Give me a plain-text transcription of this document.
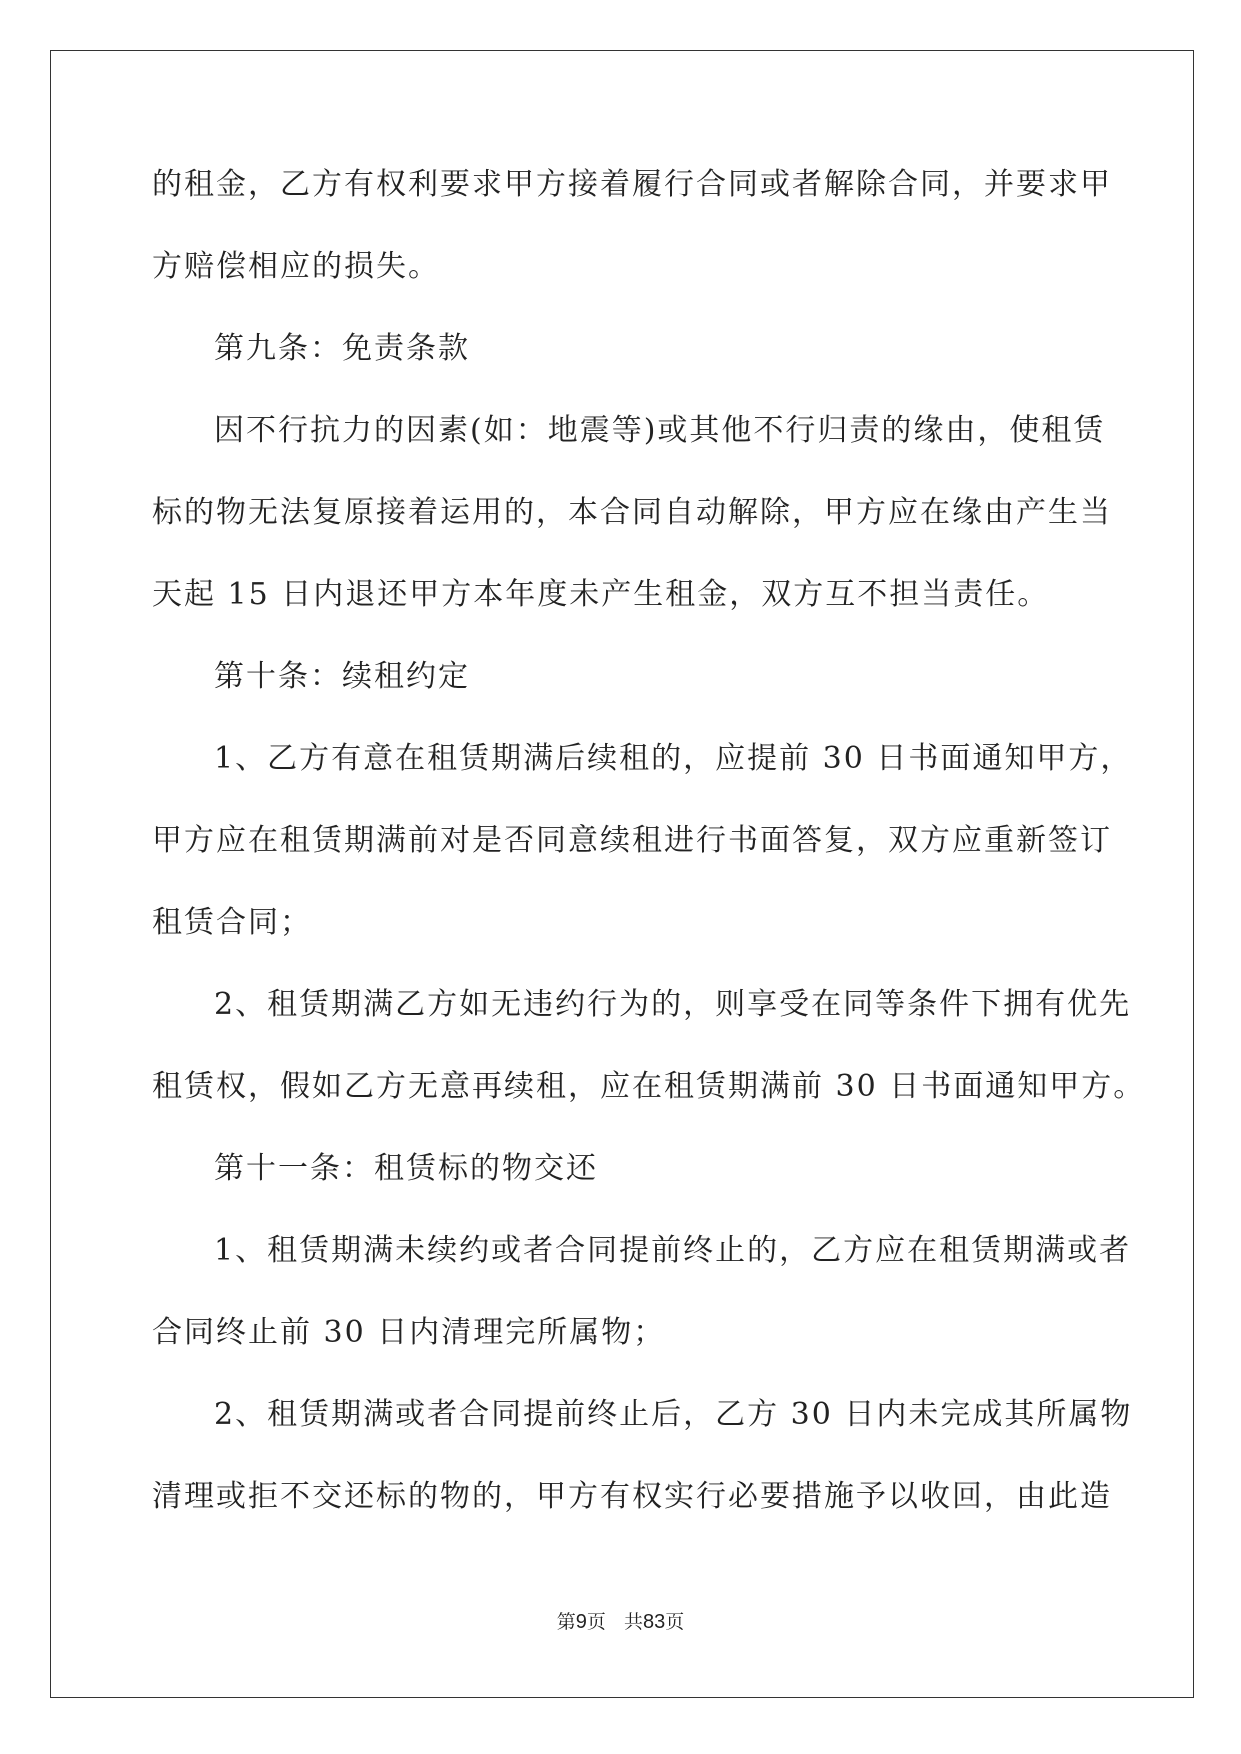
的租金，乙方有权利要求甲方接着履行合同或者解除合同，并要求甲
方赔偿相应的损失。
第九条：免责条款
因不行抗力的因素(如：地震等)或其他不行归责的缘由，使租赁
标的物无法复原接着运用的，本合同自动解除，甲方应在缘由产生当
天起 15 日内退还甲方本年度未产生租金，双方互不担当责任。
第十条：续租约定
1、乙方有意在租赁期满后续租的，应提前 30 日书面通知甲方，
甲方应在租赁期满前对是否同意续租进行书面答复，双方应重新签订
租赁合同；
2、租赁期满乙方如无违约行为的，则享受在同等条件下拥有优先
租赁权，假如乙方无意再续租，应在租赁期满前 30 日书面通知甲方。
第十一条：租赁标的物交还
1、租赁期满未续约或者合同提前终止的，乙方应在租赁期满或者
合同终止前 30 日内清理完所属物；
2、租赁期满或者合同提前终止后，乙方 30 日内未完成其所属物
清理或拒不交还标的物的，甲方有权实行必要措施予以收回，由此造
第9页 共83页
